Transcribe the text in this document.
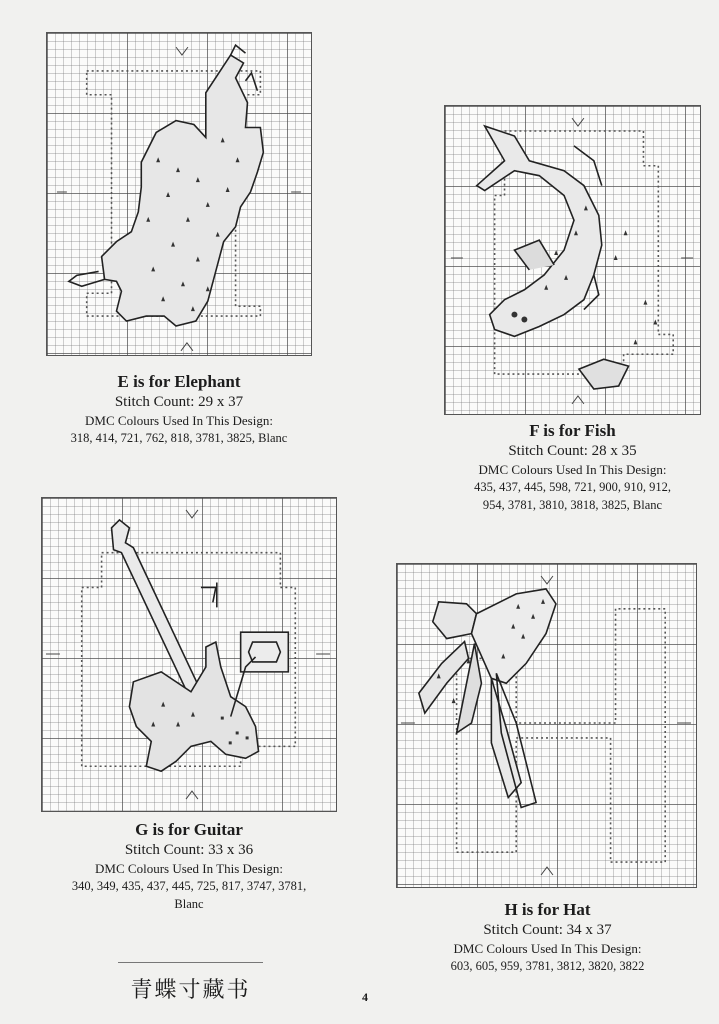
E is for Elephant
Stitch Count: 29 x 37
DMC Colours Used In This Design:
318, 414, 721, 762, 818, 3781, 3825, Blanc	F is for Fish
Stitch Count: 28 x 35
DMC Colours Used In This Design:
435, 437, 445, 598, 721, 900, 910, 912,
954, 3781, 3810, 3818, 3825, Blanc
G is for Guitar
Stitch Count: 33 x 36
DMC Colours Used In This Design:
340, 349, 435, 437, 445, 725, 817, 3747, 3781,
Blanc	H is for Hat
Stitch Count: 34 x 37
DMC Colours Used In This Design:
603, 605, 959, 3781, 3812, 3820, 3822
青蝶寸藏书	4
